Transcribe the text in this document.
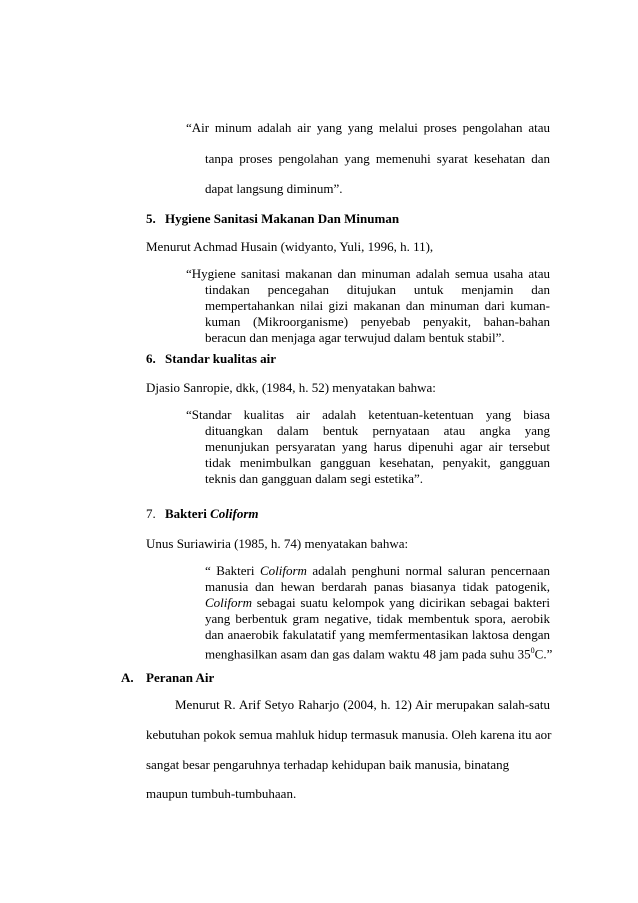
“Air minum adalah air yang yang melalui proses pengolahan atau
tanpa proses pengolahan yang memenuhi syarat kesehatan dan
dapat langsung diminum”.
5. Hygiene Sanitasi Makanan Dan Minuman
Menurut Achmad Husain (widyanto, Yuli, 1996, h. 11),
“Hygiene sanitasi makanan dan minuman adalah semua usaha atau
tindakan pencegahan ditujukan untuk menjamin dan
mempertahankan nilai gizi makanan dan minuman dari kuman-
kuman (Mikroorganisme) penyebab penyakit, bahan-bahan
beracun dan menjaga agar terwujud dalam bentuk stabil”.
6. Standar kualitas air
Djasio Sanropie, dkk, (1984, h. 52) menyatakan bahwa:
“Standar kualitas air adalah ketentuan-ketentuan yang biasa
dituangkan dalam bentuk pernyataan atau angka yang
menunjukan persyaratan yang harus dipenuhi agar air tersebut
tidak menimbulkan gangguan kesehatan, penyakit, gangguan
teknis dan gangguan dalam segi estetika”.
7. Bakteri Coliform
Unus Suriawiria (1985, h. 74) menyatakan bahwa:
“ Bakteri Coliform adalah penghuni normal saluran pencernaan
manusia dan hewan berdarah panas biasanya tidak patogenik,
Coliform sebagai suatu kelompok yang dicirikan sebagai bakteri
yang berbentuk gram negative, tidak membentuk spora, aerobik
dan anaerobik fakulatatif yang memfermentasikan laktosa dengan
menghasilkan asam dan gas dalam waktu 48 jam pada suhu $35^0C$.”
A. Peranan Air
Menurut R. Arif Setyo Raharjo (2004, h. 12) Air merupakan salah-satu
kebutuhan pokok semua mahluk hidup termasuk manusia. Oleh karena itu aor
sangat besar pengaruhnya terhadap kehidupan baik manusia, binatang
maupun tumbuh-tumbuhaan.
